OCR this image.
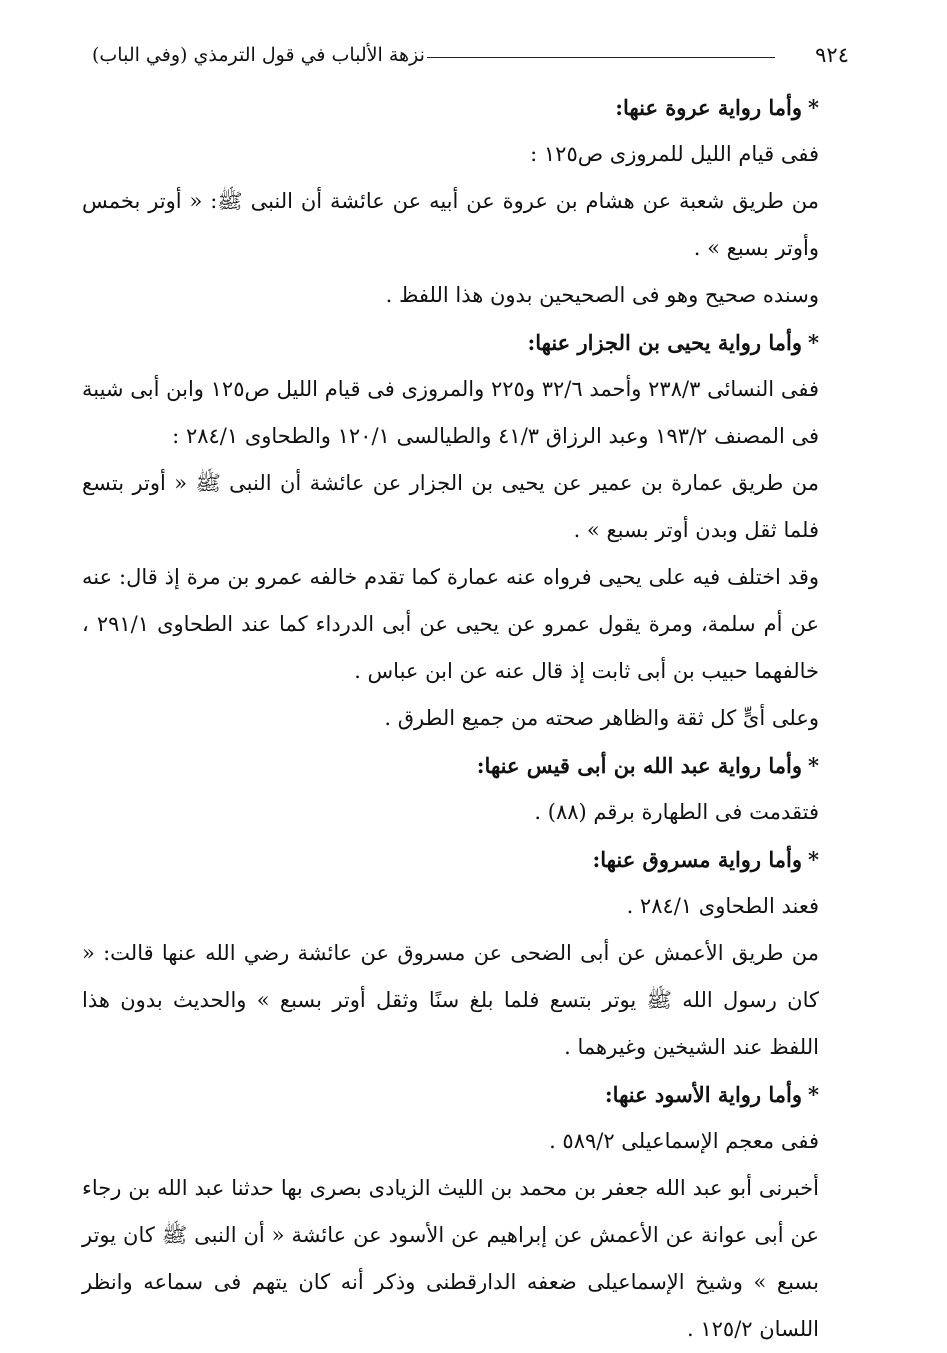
٩٢٤
نزهة الألباب في قول الترمذي (وفي الباب)

*وأما رواية عروة عنها:

ففى قيام الليل للمروزى ص١٢٥ :

من طريق شعبة عن هشام بن عروة عن أبيه عن عائشة أن النبى ﷺ: « أوتر بخمس وأوتر بسبع » .

وسنده صحيح وهو فى الصحيحين بدون هذا اللفظ .

*وأما رواية يحيى بن الجزار عنها:

ففى النسائى ٢٣٨/٣ وأحمد ٣٢/٦ و٢٢٥ والمروزى فى قيام الليل ص١٢٥ وابن أبى شيبة فى المصنف ١٩٣/٢ وعبد الرزاق ٤١/٣ والطيالسى ١٢٠/١ والطحاوى ٢٨٤/١ :

من طريق عمارة بن عمير عن يحيى بن الجزار عن عائشة أن النبى ﷺ « أوتر بتسع فلما ثقل وبدن أوتر بسبع » .

وقد اختلف فيه على يحيى فرواه عنه عمارة كما تقدم خالفه عمرو بن مرة إذ قال: عنه عن أم سلمة، ومرة يقول عمرو عن يحيى عن أبى الدرداء كما عند الطحاوى ٢٩١/١ ، خالفهما حبيب بن أبى ثابت إذ قال عنه عن ابن عباس .

وعلى أىٍّ كل ثقة والظاهر صحته من جميع الطرق .

*وأما رواية عبد الله بن أبى قيس عنها:

فتقدمت فى الطهارة برقم (٨٨) .

*وأما رواية مسروق عنها:

فعند الطحاوى ٢٨٤/١ .

من طريق الأعمش عن أبى الضحى عن مسروق عن عائشة رضي الله عنها قالت: « كان رسول الله ﷺ يوتر بتسع فلما بلغ سنًا وثقل أوتر بسبع » والحديث بدون هذا اللفظ عند الشيخين وغيرهما .

*وأما رواية الأسود عنها:

ففى معجم الإسماعيلى ٥٨٩/٢ .

أخبرنى أبو عبد الله جعفر بن محمد بن الليث الزيادى بصرى بها حدثنا عبد الله بن رجاء عن أبى عوانة عن الأعمش عن إبراهيم عن الأسود عن عائشة « أن النبى ﷺ كان يوتر بسبع » وشيخ الإسماعيلى ضعفه الدارقطنى وذكر أنه كان يتهم فى سماعه وانظر اللسان ١٢٥/٢ .
